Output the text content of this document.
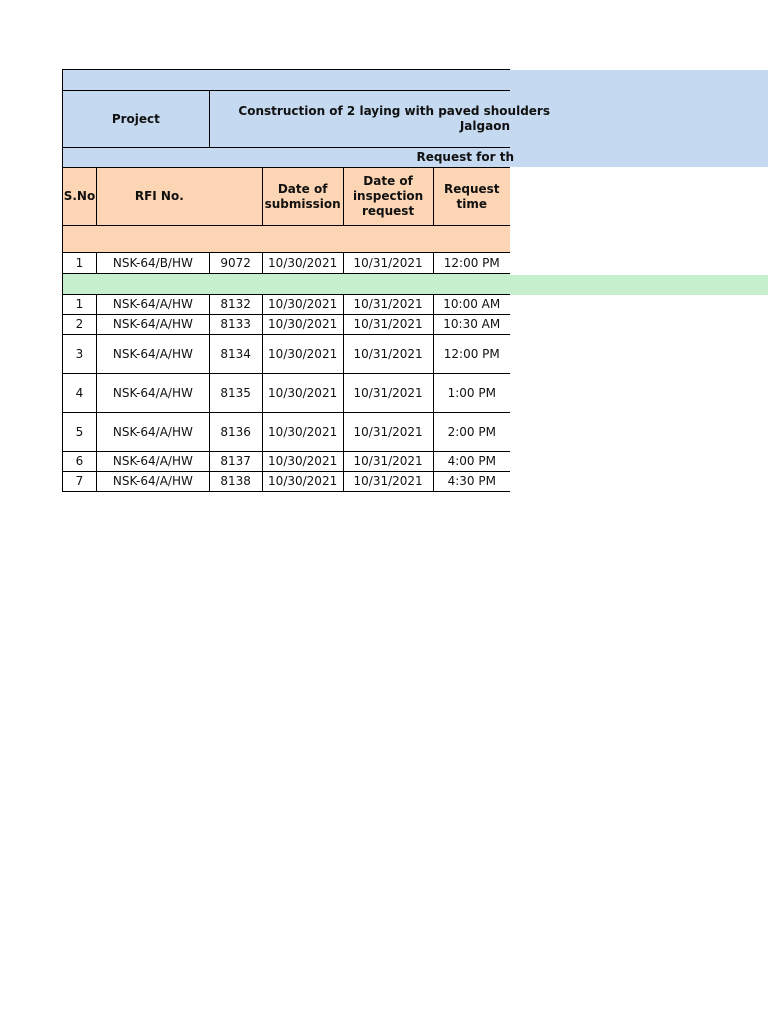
Project		Construction of 2 laying with paved shoulders
Jalgaon			

Request for th					
S.No	RFI No.		Date of submission	Date of inspection request	Request time

1	NSK-64/B/HW	9072	10/30/2021	10/31/2021	12:00 PM

1	NSK-64/A/HW	8132	10/30/2021	10/31/2021	10:00 AM
2	NSK-64/A/HW	8133	10/30/2021	10/31/2021	10:30 AM
3	NSK-64/A/HW	8134	10/30/2021	10/31/2021	12:00 PM
4	NSK-64/A/HW	8135	10/30/2021	10/31/2021	1:00 PM
5	NSK-64/A/HW	8136	10/30/2021	10/31/2021	2:00 PM
6	NSK-64/A/HW	8137	10/30/2021	10/31/2021	4:00 PM
7	NSK-64/A/HW	8138	10/30/2021	10/31/2021	4:30 PM
